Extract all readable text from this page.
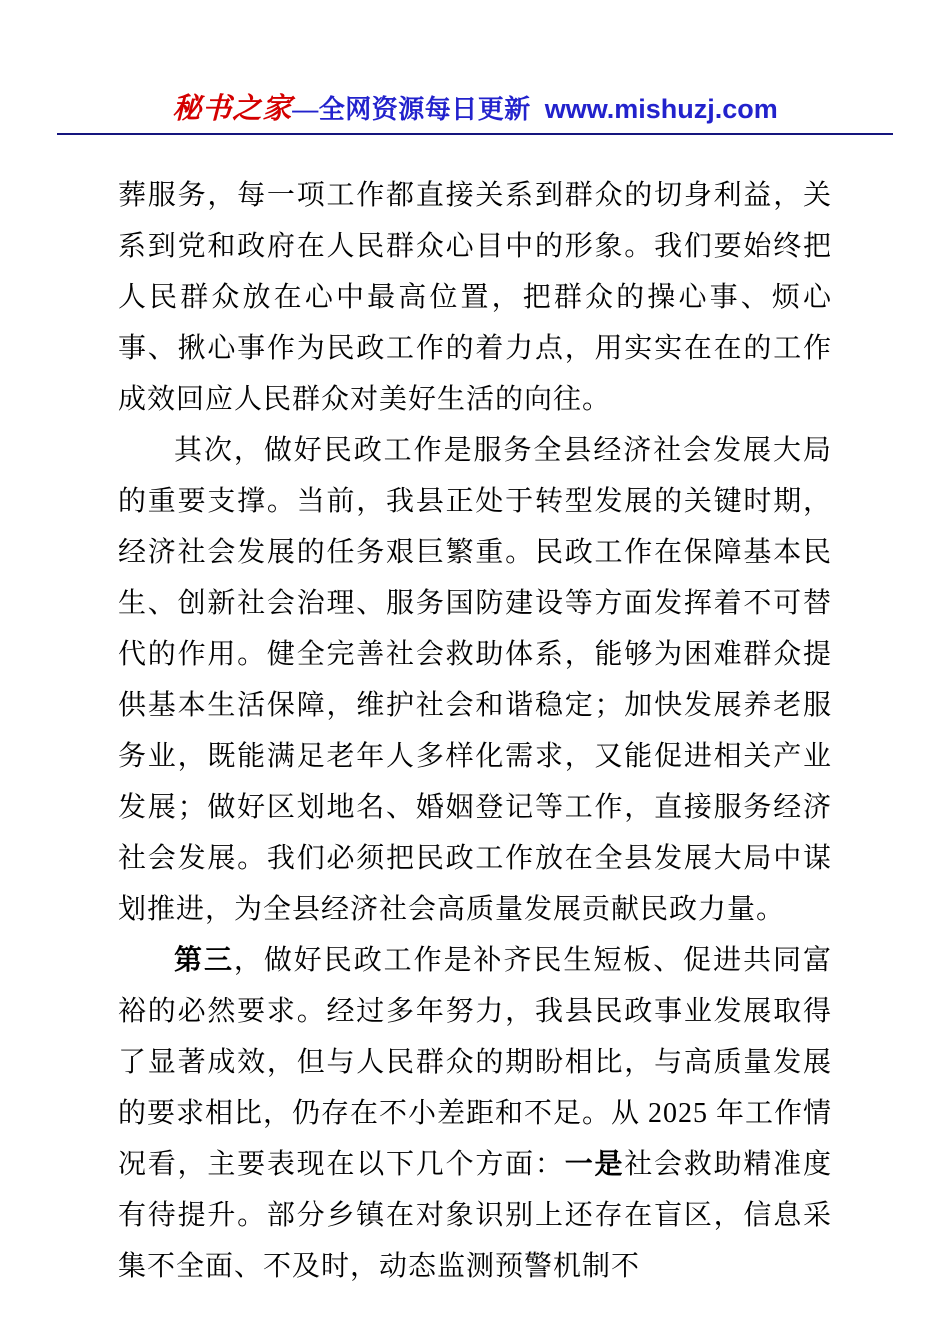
秘书之家—全网资源每日更新 www.mishuzj.com

葬服务，每一项工作都直接关系到群众的切身利益，关系到党和政府在人民群众心目中的形象。我们要始终把人民群众放在心中最高位置，把群众的操心事、烦心事、揪心事作为民政工作的着力点，用实实在在的工作成效回应人民群众对美好生活的向往。

其次，做好民政工作是服务全县经济社会发展大局的重要支撑。当前，我县正处于转型发展的关键时期，经济社会发展的任务艰巨繁重。民政工作在保障基本民生、创新社会治理、服务国防建设等方面发挥着不可替代的作用。健全完善社会救助体系，能够为困难群众提供基本生活保障，维护社会和谐稳定；加快发展养老服务业，既能满足老年人多样化需求，又能促进相关产业发展；做好区划地名、婚姻登记等工作，直接服务经济社会发展。我们必须把民政工作放在全县发展大局中谋划推进，为全县经济社会高质量发展贡献民政力量。

第三，做好民政工作是补齐民生短板、促进共同富裕的必然要求。经过多年努力，我县民政事业发展取得了显著成效，但与人民群众的期盼相比，与高质量发展的要求相比，仍存在不小差距和不足。从 2025 年工作情况看，主要表现在以下几个方面：一是社会救助精准度有待提升。部分乡镇在对象识别上还存在盲区，信息采集不全面、不及时，动态监测预警机制不
